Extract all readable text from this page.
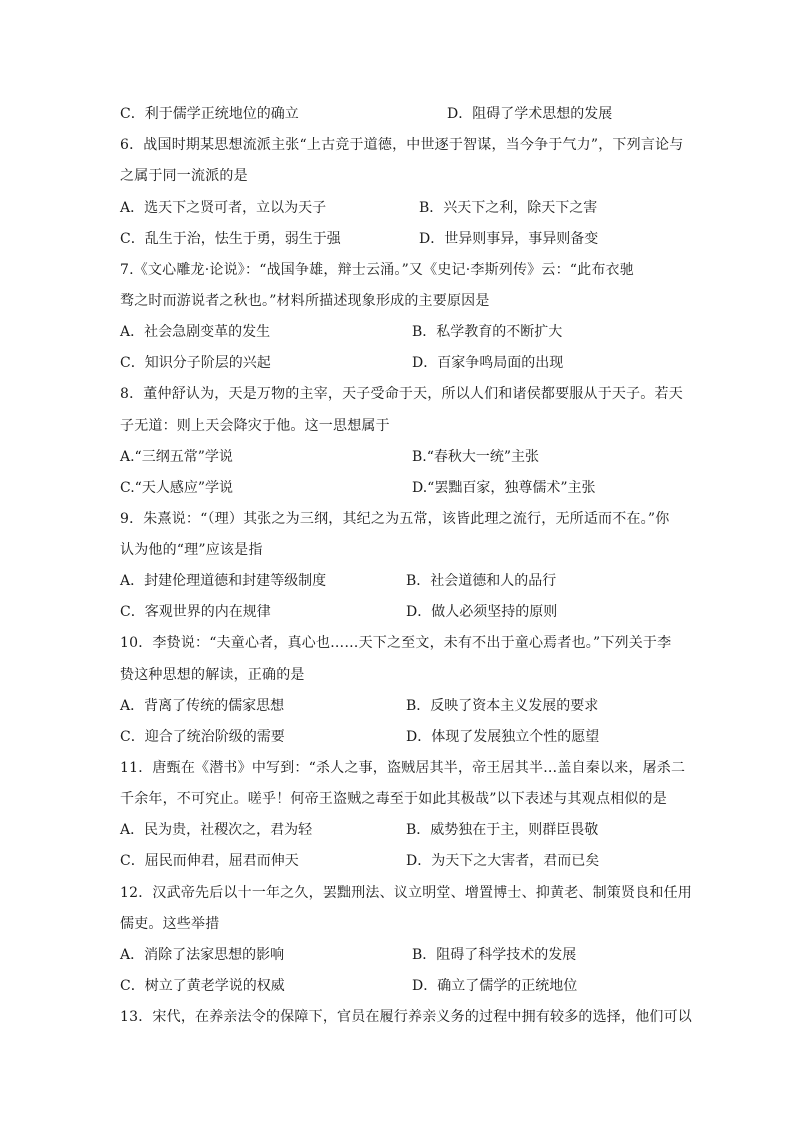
C．利于儒学正统地位的确立	D．阻碍了学术思想的发展
6．战国时期某思想流派主张“上古竞于道德，中世逐于智谋，当今争于气力”，下列言论与
之属于同一流派的是
A．选天下之贤可者，立以为天子	B．兴天下之利，除天下之害
C．乱生于治，怯生于勇，弱生于强	D．世异则事异，事异则备变
7.《文心雕龙·论说》：“战国争雄，辩士云涌。”又《史记·李斯列传》云：“此布衣驰
骛之时而游说者之秋也。”材料所描述现象形成的主要原因是
A．社会急剧变革的发生	B．私学教育的不断扩大
C．知识分子阶层的兴起	D．百家争鸣局面的出现
8．董仲舒认为，天是万物的主宰，天子受命于天，所以人们和诸侯都要服从于天子。若天
子无道：则上天会降灾于他。这一思想属于
A.“三纲五常”学说	B.“春秋大一统”主张
C.“天人感应”学说	D.“罢黜百家，独尊儒术”主张
9．朱熹说：“（理）其张之为三纲，其纪之为五常，该皆此理之流行，无所适而不在。”你
认为他的“理”应该是指
A．封建伦理道德和封建等级制度	B．社会道德和人的品行
C．客观世界的内在规律	D．做人必须坚持的原则
10．李贽说：“夫童心者，真心也……天下之至文，未有不出于童心焉者也。”下列关于李
贽这种思想的解读，正确的是
A．背离了传统的儒家思想	B．反映了资本主义发展的要求
C．迎合了统治阶级的需要	D．体现了发展独立个性的愿望
11．唐甄在《潜书》中写到：“杀人之事，盗贼居其半，帝王居其半…盖自秦以来，屠杀二
千余年，不可究止。嗟乎！何帝王盗贼之毒至于如此其极哉”以下表述与其观点相似的是
A．民为贵，社稷次之，君为轻	B．威势独在于主，则群臣畏敬
C．屈民而伸君，屈君而伸天	D．为天下之大害者，君而已矣
12．汉武帝先后以十一年之久，罢黜刑法、议立明堂、增置博士、抑黄老、制策贤良和任用
儒吏。这些举措
A．消除了法家思想的影响	B．阻碍了科学技术的发展
C．树立了黄老学说的权威	D．确立了儒学的正统地位
13．宋代，在养亲法令的保障下，官员在履行养亲义务的过程中拥有较多的选择，他们可以
